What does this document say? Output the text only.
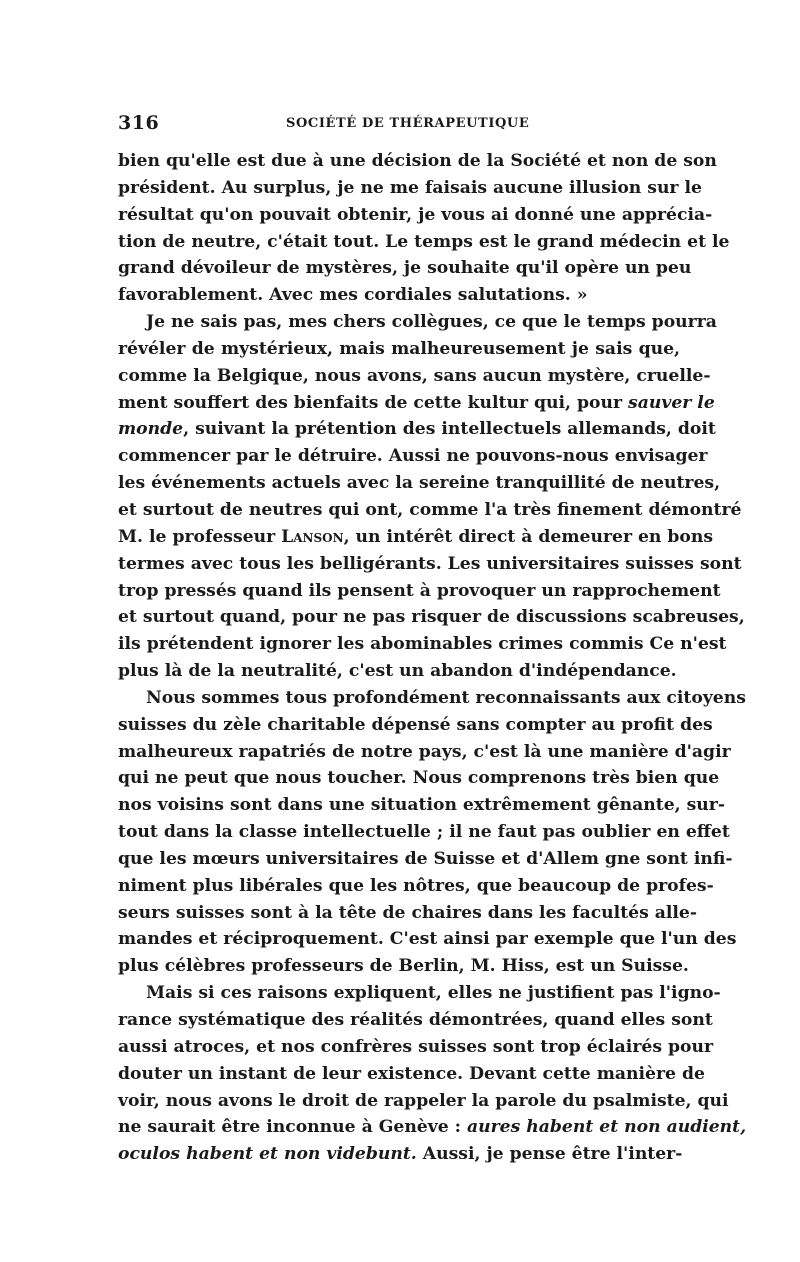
316	SOCIÉTÉ DE THÉRAPEUTIQUE
bien qu'elle est due à une décision de la Société et non de son
président. Au surplus, je ne me faisais aucune illusion sur le
résultat qu'on pouvait obtenir, je vous ai donné une apprécia-
tion de neutre, c'était tout. Le temps est le grand médecin et le
grand dévoileur de mystères, je souhaite qu'il opère un peu
favorablement. Avec mes cordiales salutations. »
Je ne sais pas, mes chers collègues, ce que le temps pourra
révéler de mystérieux, mais malheureusement je sais que,
comme la Belgique, nous avons, sans aucun mystère, cruelle-
ment souffert des bienfaits de cette kultur qui, pour sauver le
monde, suivant la prétention des intellectuels allemands, doit
commencer par le détruire. Aussi ne pouvons-nous envisager
les événements actuels avec la sereine tranquillité de neutres,
et surtout de neutres qui ont, comme l'a très finement démontré
M. le professeur Lanson, un intérêt direct à demeurer en bons
termes avec tous les belligérants. Les universitaires suisses sont
trop pressés quand ils pensent à provoquer un rapprochement
et surtout quand, pour ne pas risquer de discussions scabreuses,
ils prétendent ignorer les abominables crimes commis Ce n'est
plus là de la neutralité, c'est un abandon d'indépendance.
Nous sommes tous profondément reconnaissants aux citoyens
suisses du zèle charitable dépensé sans compter au profit des
malheureux rapatriés de notre pays, c'est là une manière d'agir
qui ne peut que nous toucher. Nous comprenons très bien que
nos voisins sont dans une situation extrêmement gênante, sur-
tout dans la classe intellectuelle ; il ne faut pas oublier en effet
que les mœurs universitaires de Suisse et d'Allem gne sont infi-
niment plus libérales que les nôtres, que beaucoup de profes-
seurs suisses sont à la tête de chaires dans les facultés alle-
mandes et réciproquement. C'est ainsi par exemple que l'un des
plus célèbres professeurs de Berlin, M. Hiss, est un Suisse.
Mais si ces raisons expliquent, elles ne justifient pas l'igno-
rance systématique des réalités démontrées, quand elles sont
aussi atroces, et nos confrères suisses sont trop éclairés pour
douter un instant de leur existence. Devant cette manière de
voir, nous avons le droit de rappeler la parole du psalmiste, qui
ne saurait être inconnue à Genève : aures habent et non audient,
oculos habent et non videbunt. Aussi, je pense être l'inter-
